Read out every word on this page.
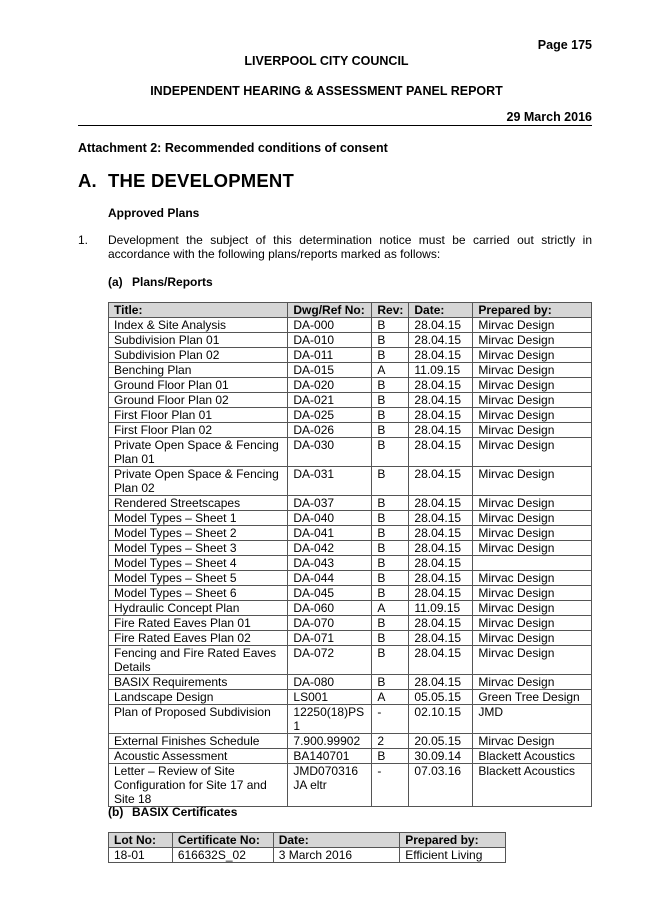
Page 175
LIVERPOOL CITY COUNCIL
INDEPENDENT HEARING & ASSESSMENT PANEL REPORT
29 March 2016
Attachment 2: Recommended conditions of consent
A. THE DEVELOPMENT
Approved Plans
1. Development the subject of this determination notice must be carried out strictly in accordance with the following plans/reports marked as follows:
(a) Plans/Reports
Title:	Dwg/Ref No:	Rev:	Date:	Prepared by:
Index & Site Analysis	DA-000	B	28.04.15	Mirvac Design
Subdivision Plan 01	DA-010	B	28.04.15	Mirvac Design
Subdivision Plan 02	DA-011	B	28.04.15	Mirvac Design
Benching Plan	DA-015	A	11.09.15	Mirvac Design
Ground Floor Plan 01	DA-020	B	28.04.15	Mirvac Design
Ground Floor Plan 02	DA-021	B	28.04.15	Mirvac Design
First Floor Plan 01	DA-025	B	28.04.15	Mirvac Design
First Floor Plan 02	DA-026	B	28.04.15	Mirvac Design
Private Open Space & Fencing Plan 01	DA-030	B	28.04.15	Mirvac Design
Private Open Space & Fencing Plan 02	DA-031	B	28.04.15	Mirvac Design
Rendered Streetscapes	DA-037	B	28.04.15	Mirvac Design
Model Types – Sheet 1	DA-040	B	28.04.15	Mirvac Design
Model Types – Sheet 2	DA-041	B	28.04.15	Mirvac Design
Model Types – Sheet 3	DA-042	B	28.04.15	Mirvac Design
Model Types – Sheet 4	DA-043	B	28.04.15	
Model Types – Sheet 5	DA-044	B	28.04.15	Mirvac Design
Model Types – Sheet 6	DA-045	B	28.04.15	Mirvac Design
Hydraulic Concept Plan	DA-060	A	11.09.15	Mirvac Design
Fire Rated Eaves Plan 01	DA-070	B	28.04.15	Mirvac Design
Fire Rated Eaves Plan 02	DA-071	B	28.04.15	Mirvac Design
Fencing and Fire Rated Eaves Details	DA-072	B	28.04.15	Mirvac Design
BASIX Requirements	DA-080	B	28.04.15	Mirvac Design
Landscape Design	LS001	A	05.05.15	Green Tree Design
Plan of Proposed Subdivision	12250(18)PS 1	-	02.10.15	JMD
External Finishes Schedule	7.900.99902	2	20.05.15	Mirvac Design
Acoustic Assessment	BA140701	B	30.09.14	Blackett Acoustics
Letter – Review of Site Configuration for Site 17 and Site 18	JMD070316 JA eltr	-	07.03.16	Blackett Acoustics
(b) BASIX Certificates
Lot No:	Certificate No:	Date:	Prepared by:
18-01	616632S_02	3 March 2016	Efficient Living
